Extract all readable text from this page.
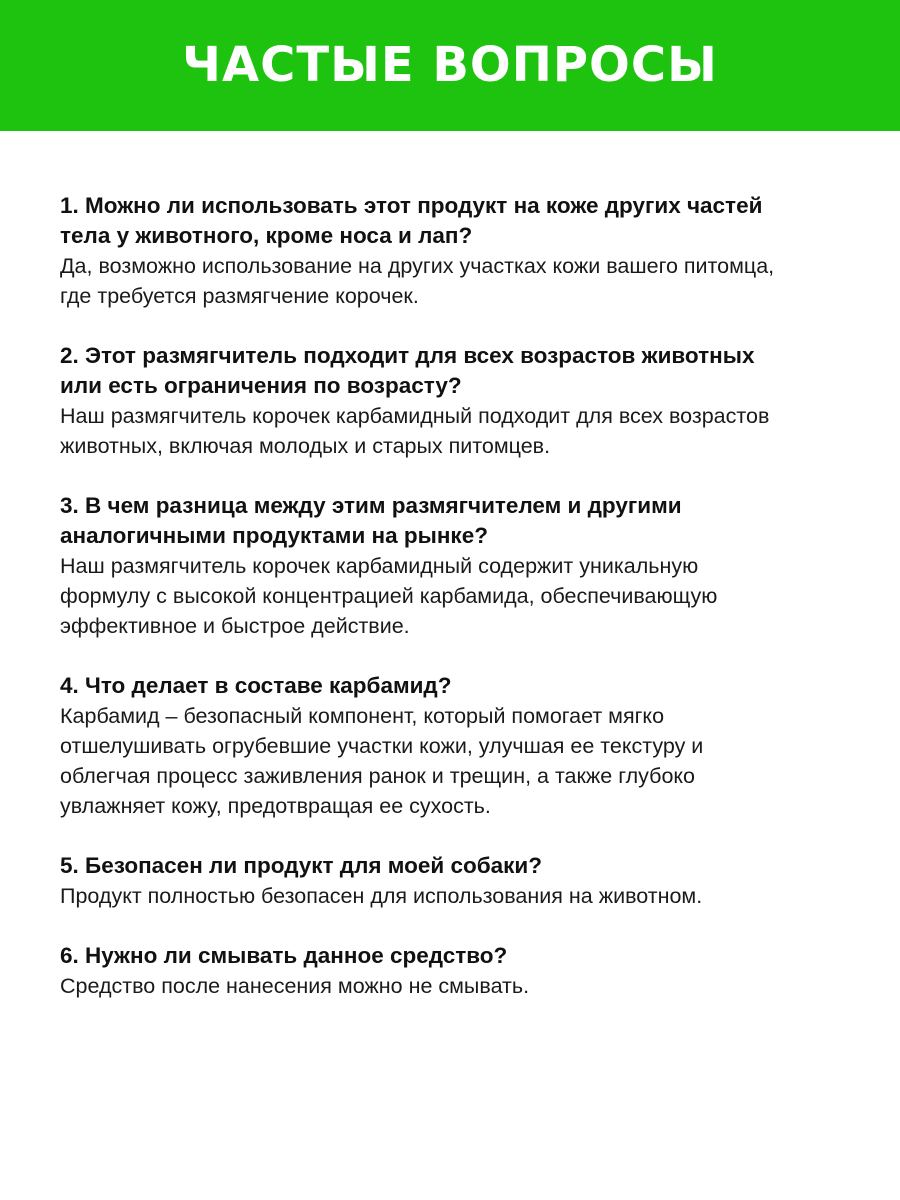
ЧАСТЫЕ ВОПРОСЫ
1. Можно ли использовать этот продукт на коже других частей
тела у животного, кроме носа и лап?
Да, возможно использование на других участках кожи вашего питомца,
где требуется размягчение корочек.
2. Этот размягчитель подходит для всех возрастов животных
или есть ограничения по возрасту?
Наш размягчитель корочек карбамидный подходит для всех возрастов
животных, включая молодых и старых питомцев.
3. В чем разница между этим размягчителем и другими
аналогичными продуктами на рынке?
Наш размягчитель корочек карбамидный содержит уникальную
формулу с высокой концентрацией карбамида, обеспечивающую
эффективное и быстрое действие.
4. Что делает в составе карбамид?
Карбамид – безопасный компонент, который помогает мягко
отшелушивать огрубевшие участки кожи, улучшая ее текстуру и
облегчая процесс заживления ранок и трещин, а также глубоко
увлажняет кожу, предотвращая ее сухость.
5. Безопасен ли продукт для моей собаки?
Продукт полностью безопасен для использования на животном.
6. Нужно ли смывать данное средство?
Средство после нанесения можно не смывать.
